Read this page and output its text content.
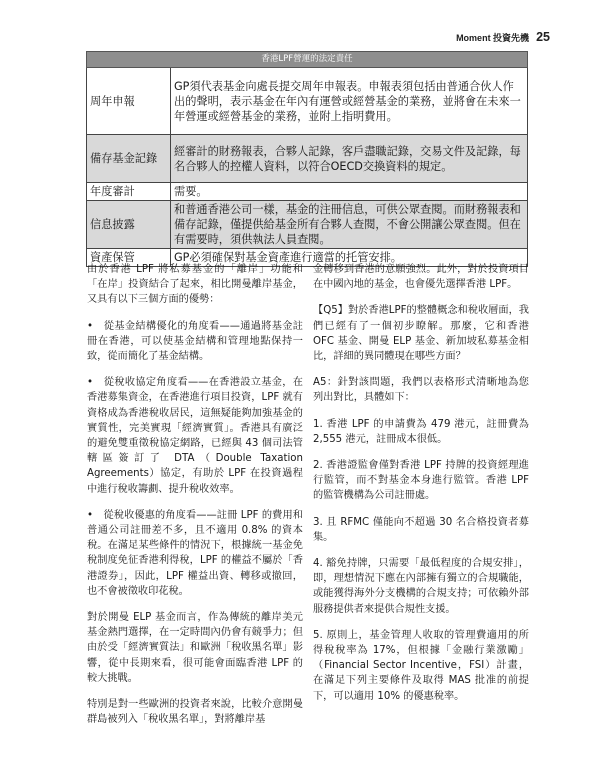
Moment 投資先機 25
香港LPF營運的法定責任	
周年申報	GP須代表基金向處長提交周年申報表。申報表須包括由普通合伙人作出的聲明，表示基金在年內有運營或經營基金的業務，並將會在未來一年營運或經營基金的業務，並附上指明費用。
備存基金記錄	經審計的財務報表，合夥人記錄，客戶盡職記錄，交易文件及記錄，每名合夥人的控權人資料，以符合OECD交換資料的規定。
年度審計	需要。
信息披露	和普通香港公司一樣，基金的注冊信息，可供公眾查閱。而財務報表和備存記錄，僅提供給基金所有合夥人查閱，不會公開讓公眾查閱。但在有需要時，須供執法人員查閱。
資產保管	GP必須確保對基金資產進行適當的托管安排。

由於香港 LPF 將私募基金的「離岸」功能和「在岸」投資結合了起來，相比開曼離岸基金，又具有以下三個方面的優勢：

•　從基金結構優化的角度看——通過將基金註冊在香港，可以使基金結構和管理地點保持一致，從而簡化了基金結構。

•　從稅收協定角度看——在香港設立基金，在香港募集資金，在香港進行項目投資，LPF 就有資格成為香港稅收居民，這無疑能夠加強基金的實質性，完美實現「經濟實質」。香港具有廣泛的避免雙重徵稅協定網路，已經與 43 個司法管轄區簽訂了 DTA（Double Taxation Agreements）協定，有助於 LPF 在投資過程中進行稅收籌劃、提升稅收效率。

•　從稅收優惠的角度看——註冊 LPF 的費用和普通公司註冊差不多，且不適用 0.8% 的資本稅。在滿足某些條件的情況下，根據統一基金免稅制度免征香港利得稅，LPF 的權益不屬於「香港證券」，因此，LPF 權益出資、轉移或撤回，也不會被徵收印花稅。

對於開曼 ELP 基金而言，作為傳統的離岸美元基金熱門選擇，在一定時間內仍會有競爭力；但由於受「經濟實質法」和歐洲「稅收黑名單」影響，從中長期來看，很可能會面臨香港 LPF 的較大挑戰。

特別是對一些歐洲的投資者來說，比較介意開曼群島被列入「稅收黑名單」，對將離岸基

金轉移到香港的意願強烈。此外，對於投資項目在中國內地的基金，也會優先選擇香港 LPF。

【Q5】對於香港LPF的整體概念和稅收層面，我們已經有了一個初步瞭解。那麼，它和香港 OFC 基金、開曼 ELP 基金、新加坡私募基金相比，詳細的異同體現在哪些方面？

A5：針對該問題，我們以表格形式清晰地為您列出對比，具體如下：

1. 香港 LPF 的申請費為 479 港元，註冊費為 2,555 港元，註冊成本很低。

2. 香港證監會僅對香港 LPF 持牌的投資經理進行監管，而不對基金本身進行監管。香港 LPF 的監管機構為公司註冊處。

3. 且 RFMC 僅能向不超過 30 名合格投資者募集。

4. 豁免持牌，只需要「最低程度的合規安排」，即，理想情況下應在內部擁有獨立的合規職能，或能獲得海外分支機構的合規支持；可依賴外部服務提供者來提供合規性支援。

5. 原則上，基金管理人收取的管理費適用的所得稅稅率為 17%，但根據「金融行業激勵」（Financial Sector Incentive，FSI）計畫，在滿足下列主要條件及取得 MAS 批准的前提下，可以適用 10% 的優惠稅率。
